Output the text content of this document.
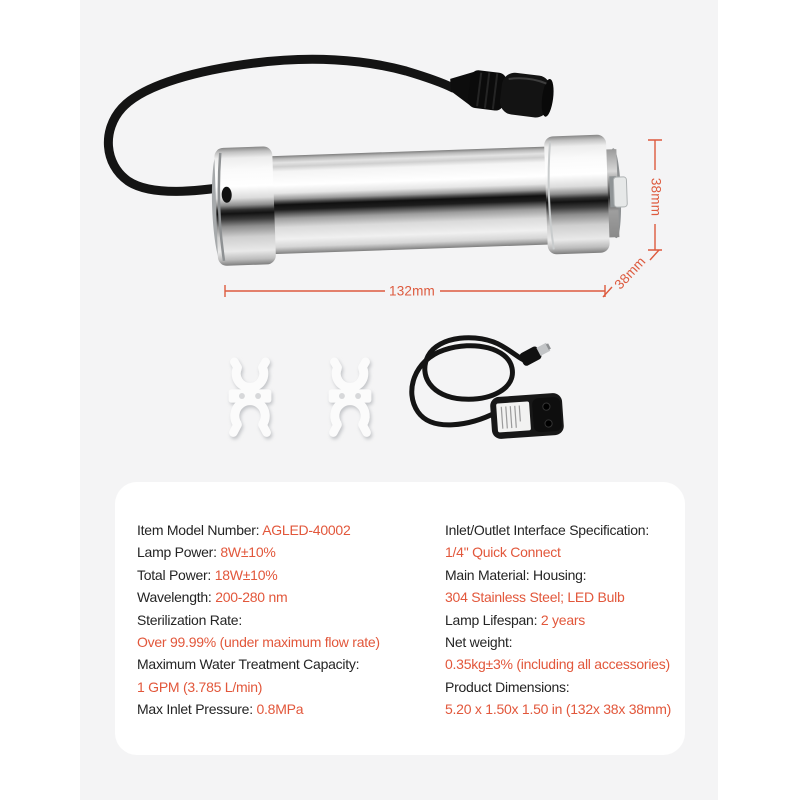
38mm
132mm	38mm
Item Model Number: AGLED-40002
Lamp Power: 8W±10%
Total Power: 18W±10%
Wavelength: 200-280 nm
Sterilization Rate:
Over 99.99% (under maximum flow rate)
Maximum Water Treatment Capacity:
1 GPM (3.785 L/min)
Max Inlet Pressure: 0.8MPa
Inlet/Outlet Interface Specification:
1/4" Quick Connect
Main Material: Housing:
304 Stainless Steel; LED Bulb
Lamp Lifespan: 2 years
Net weight:
0.35kg±3% (including all accessories)
Product Dimensions:
5.20 x 1.50x 1.50 in (132x 38x 38mm)
